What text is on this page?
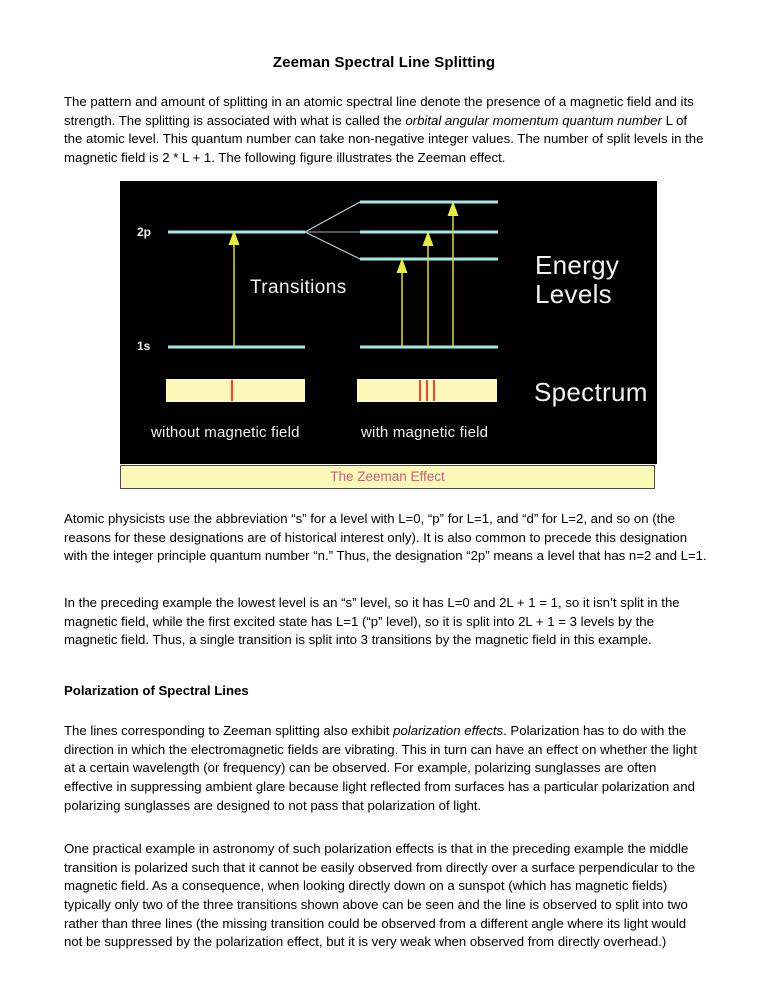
Zeeman Spectral Line Splitting

The pattern and amount of splitting in an atomic spectral line denote the presence of a magnetic field and its strength. The splitting is associated with what is called the orbital angular momentum quantum number L of the atomic level. This quantum number can take non-negative integer values. The number of split levels in the magnetic field is 2 * L + 1. The following figure illustrates the Zeeman effect.

2p
1s
Transitions
Energy
Levels
Spectrum
without magnetic field	with magnetic field
The Zeeman Effect

Atomic physicists use the abbreviation “s” for a level with L=0, “p” for L=1, and “d” for L=2, and so on (the reasons for these designations are of historical interest only). It is also common to precede this designation with the integer principle quantum number “n.” Thus, the designation “2p” means a level that has n=2 and L=1.

In the preceding example the lowest level is an “s” level, so it has L=0 and 2L + 1 = 1, so it isn’t split in the magnetic field, while the first excited state has L=1 (“p” level), so it is split into 2L + 1 = 3 levels by the magnetic field. Thus, a single transition is split into 3 transitions by the magnetic field in this example.

Polarization of Spectral Lines

The lines corresponding to Zeeman splitting also exhibit polarization effects. Polarization has to do with the direction in which the electromagnetic fields are vibrating. This in turn can have an effect on whether the light at a certain wavelength (or frequency) can be observed. For example, polarizing sunglasses are often effective in suppressing ambient glare because light reflected from surfaces has a particular polarization and polarizing sunglasses are designed to not pass that polarization of light.

One practical example in astronomy of such polarization effects is that in the preceding example the middle transition is polarized such that it cannot be easily observed from directly over a surface perpendicular to the magnetic field. As a consequence, when looking directly down on a sunspot (which has magnetic fields) typically only two of the three transitions shown above can be seen and the line is observed to split into two rather than three lines (the missing transition could be observed from a different angle where its light would not be suppressed by the polarization effect, but it is very weak when observed from directly overhead.)
